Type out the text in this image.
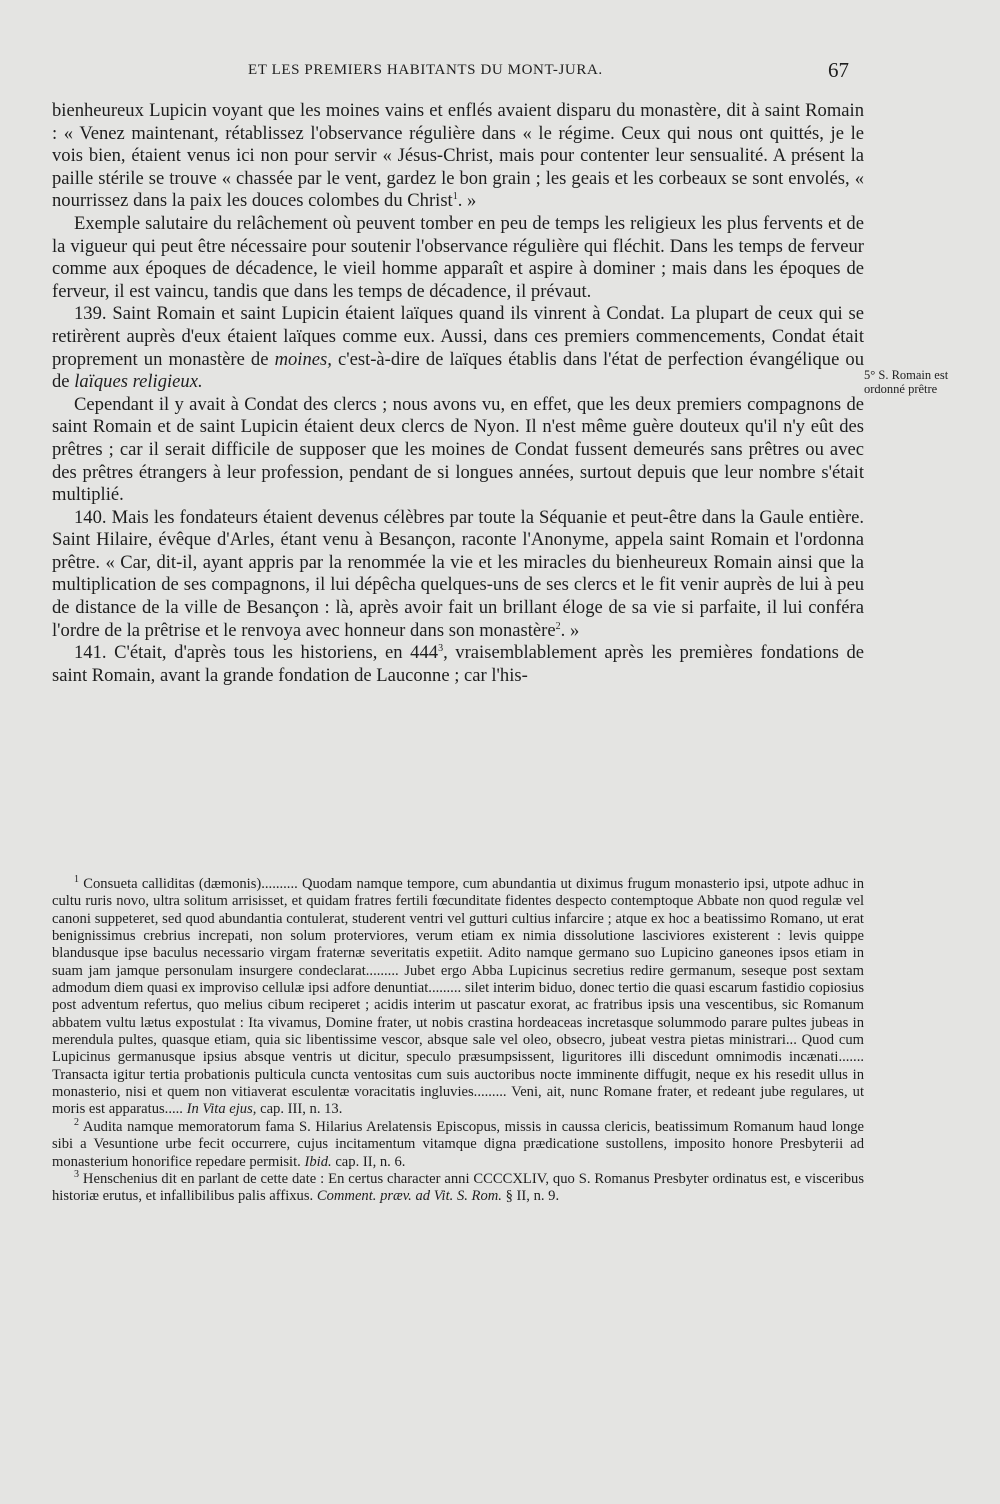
ET LES PREMIERS HABITANTS DU MONT-JURA.	67

bienheureux Lupicin voyant que les moines vains et enflés avaient disparu du monastère, dit à saint Romain : « Venez maintenant, rétablissez l'observance régulière dans « le régime. Ceux qui nous ont quittés, je le vois bien, étaient venus ici non pour servir « Jésus-Christ, mais pour contenter leur sensualité. A présent la paille stérile se trouve « chassée par le vent, gardez le bon grain ; les geais et les corbeaux se sont envolés, « nourrissez dans la paix les douces colombes du Christ$^1$. »

Exemple salutaire du relâchement où peuvent tomber en peu de temps les religieux les plus fervents et de la vigueur qui peut être nécessaire pour soutenir l'observance régulière qui fléchit. Dans les temps de ferveur comme aux époques de décadence, le vieil homme apparaît et aspire à dominer ; mais dans les époques de ferveur, il est vaincu, tandis que dans les temps de décadence, il prévaut.

139. Saint Romain et saint Lupicin étaient laïques quand ils vinrent à Condat. La plupart de ceux qui se retirèrent auprès d'eux étaient laïques comme eux. Aussi, dans ces premiers commencements, Condat était proprement un monastère de moines, c'est-à-dire de laïques établis dans l'état de perfection évangélique ou de laïques religieux.

Cependant il y avait à Condat des clercs ; nous avons vu, en effet, que les deux premiers compagnons de saint Romain et de saint Lupicin étaient deux clercs de Nyon. Il n'est même guère douteux qu'il n'y eût des prêtres ; car il serait difficile de supposer que les moines de Condat fussent demeurés sans prêtres ou avec des prêtres étrangers à leur profession, pendant de si longues années, surtout depuis que leur nombre s'était multiplié.

140. Mais les fondateurs étaient devenus célèbres par toute la Séquanie et peut-être dans la Gaule entière. Saint Hilaire, évêque d'Arles, étant venu à Besançon, raconte l'Anonyme, appela saint Romain et l'ordonna prêtre. « Car, dit-il, ayant appris par la renommée la vie et les miracles du bienheureux Romain ainsi que la multiplication de ses compagnons, il lui dépêcha quelques-uns de ses clercs et le fit venir auprès de lui à peu de distance de la ville de Besançon : là, après avoir fait un brillant éloge de sa vie si parfaite, il lui conféra l'ordre de la prêtrise et le renvoya avec honneur dans son monastère$^2$. »

141. C'était, d'après tous les historiens, en $444^3$, vraisemblablement après les premières fondations de saint Romain, avant la grande fondation de Lauconne ; car l'his-

5° S. Romain est ordonné prêtre

$^1$ Consueta calliditas (dæmonis).......... Quodam namque tempore, cum abundantia ut diximus frugum monasterio ipsi, utpote adhuc in cultu ruris novo, ultra solitum arrisisset, et quidam fratres fertili fœcunditate fidentes despecto contemptoque Abbate non quod regulæ vel canoni suppeteret, sed quod abundantia contulerat, studerent ventri vel gutturi cultius infarcire ; atque ex hoc a beatissimo Romano, ut erat benignissimus crebrius increpati, non solum proterviores, verum etiam ex nimia dissolutione lasciviores existerent : levis quippe blandusque ipse baculus necessario virgam fraternæ severitatis expetiit. Adito namque germano suo Lupicino ganeones ipsos etiam in suam jam jamque personulam insurgere condeclarat......... Jubet ergo Abba Lupicinus secretius redire germanum, seseque post sextam admodum diem quasi ex improviso cellulæ ipsi adfore denuntiat......... silet interim biduo, donec tertio die quasi escarum fastidio copiosius post adventum refertus, quo melius cibum reciperet ; acidis interim ut pascatur exorat, ac fratribus ipsis una vescentibus, sic Romanum abbatem vultu lætus expostulat : Ita vivamus, Domine frater, ut nobis crastina hordeaceas incretasque solummodo parare pultes jubeas in merendula pultes, quasque etiam, quia sic libentissime vescor, absque sale vel oleo, obsecro, jubeat vestra pietas ministrari... Quod cum Lupicinus germanusque ipsius absque ventris ut dicitur, speculo præsumpsissent, liguritores illi discedunt omnimodis incænati....... Transacta igitur tertia probationis pulticula cuncta ventositas cum suis auctoribus nocte imminente diffugit, neque ex his resedit ullus in monasterio, nisi et quem non vitiaverat esculentæ voracitatis ingluvies......... Veni, ait, nunc Romane frater, et redeant jube regulares, ut moris est apparatus..... In Vita ejus, cap. III, n. 13.

$^2$ Audita namque memoratorum fama S. Hilarius Arelatensis Episcopus, missis in caussa clericis, beatissimum Romanum haud longe sibi a Vesuntione urbe fecit occurrere, cujus incitamentum vitamque digna prædicatione sustollens, imposito honore Presbyterii ad monasterium honorifice repedare permisit. Ibid. cap. II, n. 6.

$^3$ Henschenius dit en parlant de cette date : En certus character anni CCCCXLIV, quo S. Romanus Presbyter ordinatus est, e visceribus historiæ erutus, et infallibilibus palis affixus. Comment. præv. ad Vit. S. Rom. § II, n. 9.
